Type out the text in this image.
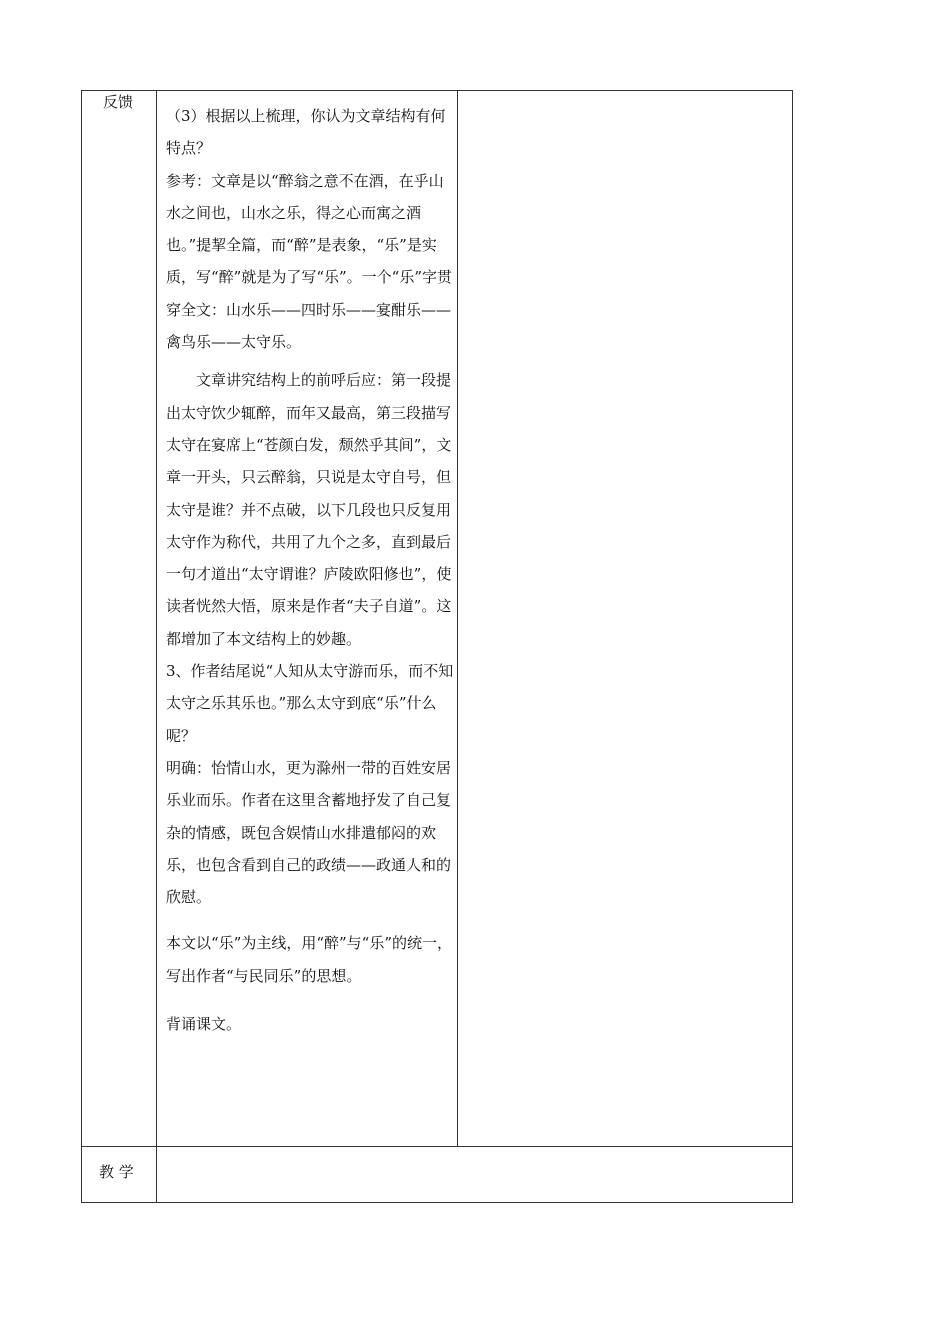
反馈
教 学

（3）根据以上梳理，你认为文章结构有何特点？

参考：文章是以“醉翁之意不在酒，在乎山水之间也，山水之乐，得之心而寓之酒也。”提挈全篇，而“醉”是表象，“乐”是实质，写“醉”就是为了写“乐”。一个“乐”字贯穿全文：山水乐——四时乐——宴酣乐——禽鸟乐——太守乐。

文章讲究结构上的前呼后应：第一段提出太守饮少辄醉，而年又最高，第三段描写太守在宴席上“苍颜白发，颓然乎其间”，文章一开头，只云醉翁，只说是太守自号，但太守是谁？并不点破，以下几段也只反复用太守作为称代，共用了九个之多，直到最后一句才道出“太守谓谁？庐陵欧阳修也”，使读者恍然大悟，原来是作者“夫子自道”。这都增加了本文结构上的妙趣。

3、作者结尾说“人知从太守游而乐，而不知太守之乐其乐也。”那么太守到底“乐”什么呢？

明确：怡情山水，更为滁州一带的百姓安居乐业而乐。作者在这里含蓄地抒发了自己复杂的情感，既包含娱情山水排遣郁闷的欢乐，也包含看到自己的政绩——政通人和的欣慰。

本文以“乐”为主线，用“醉”与“乐”的统一，写出作者“与民同乐”的思想。

背诵课文。
